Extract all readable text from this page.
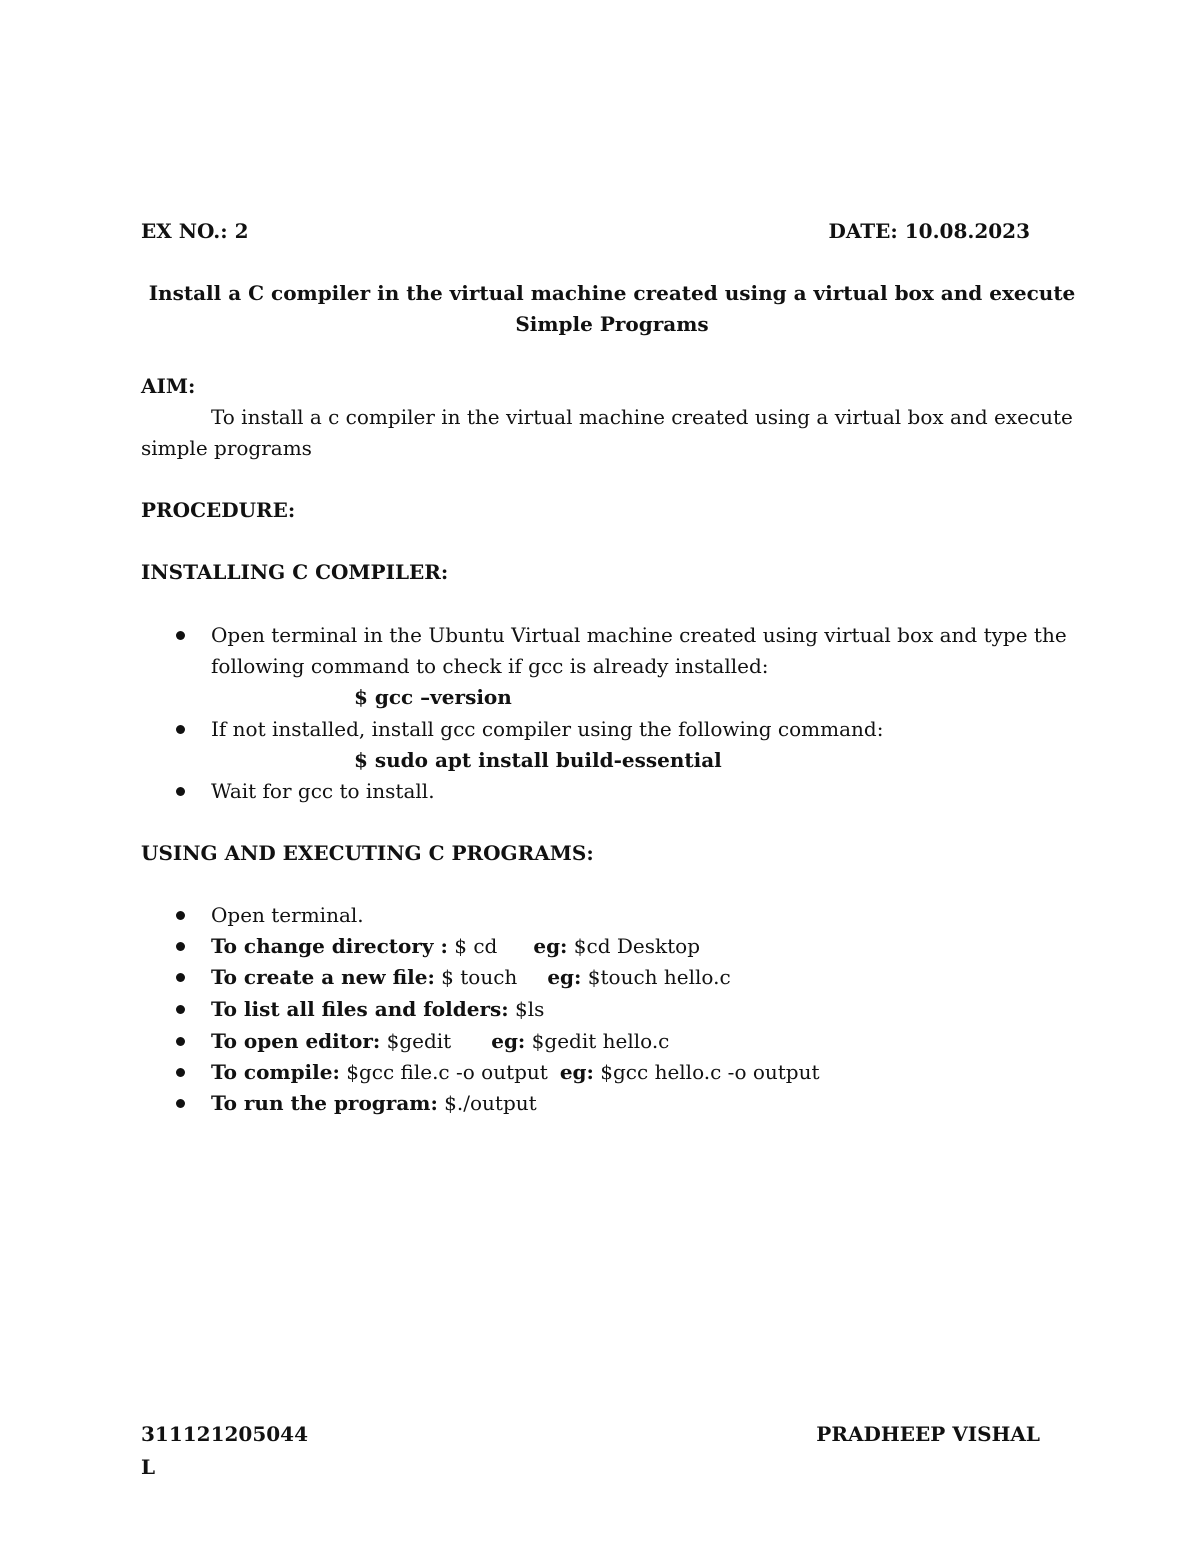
EX NO.: 2	DATE: 10.08.2023
Install a C compiler in the virtual machine created using a virtual box and execute
Simple Programs
AIM:
To install a c compiler in the virtual machine created using a virtual box and execute
simple programs
PROCEDURE:
INSTALLING C COMPILER:
Open terminal in the Ubuntu Virtual machine created using virtual box and type the
following command to check if gcc is already installed:
$ gcc –version
If not installed, install gcc compiler using the following command:
$ sudo apt install build-essential
Wait for gcc to install.
USING AND EXECUTING C PROGRAMS:
Open terminal.
To change directory : $ cd eg: $cd Desktop
To create a new file: $ touch eg: $touch hello.c
To list all files and folders: $ls
To open editor: $gedit eg: $gedit hello.c
To compile: $gcc file.c -o output eg: $gcc hello.c -o output
To run the program: $./output
311121205044
L
PRADHEEP VISHAL
